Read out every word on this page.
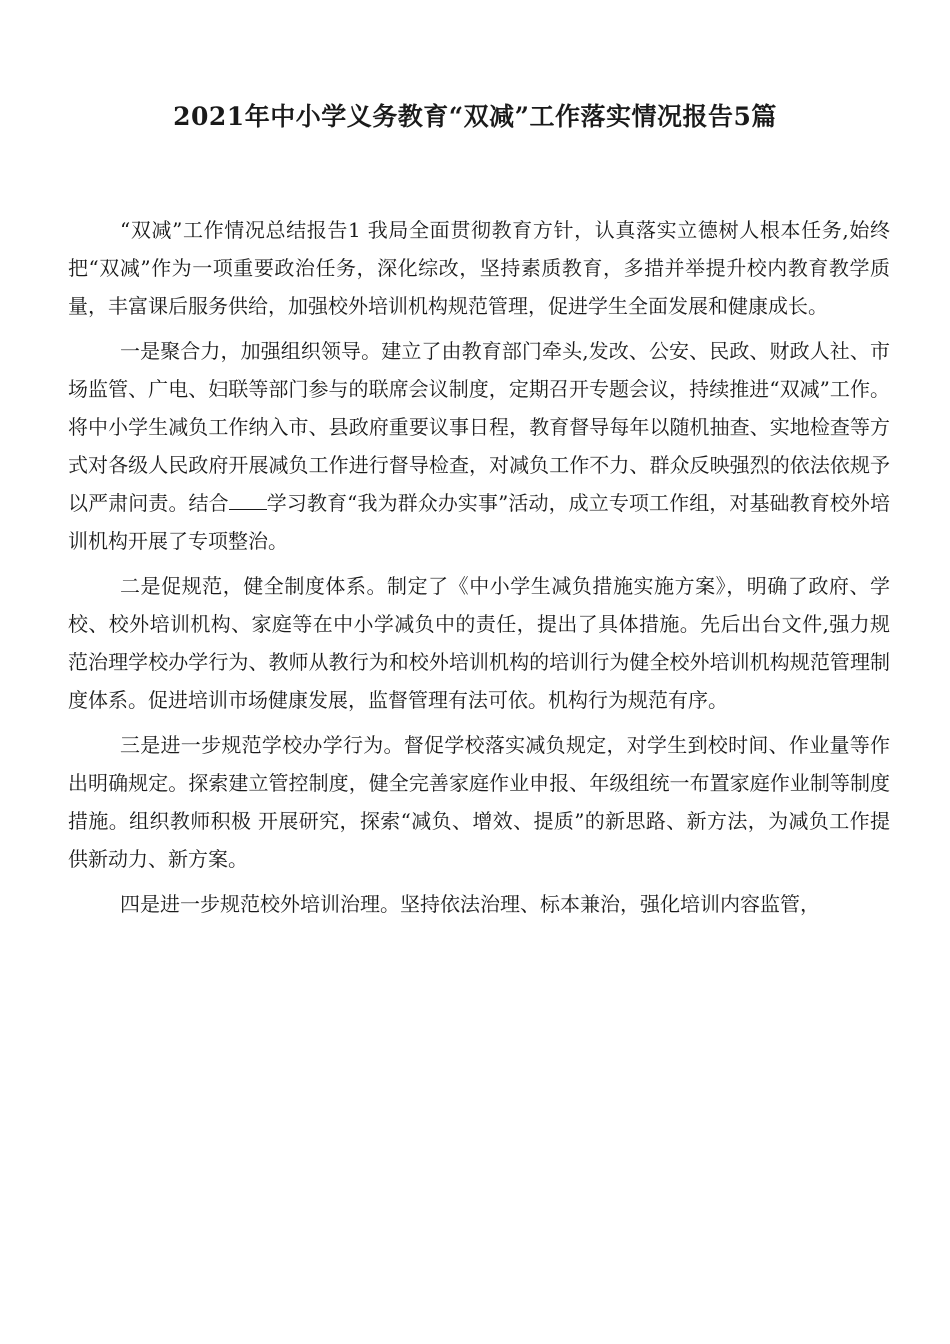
2021年中小学义务教育“双减”工作落实情况报告5篇

“双减”工作情况总结报告1 我局全面贯彻教育方针，认真落实立德树人根本任务,始终把“双减”作为一项重要政治任务，深化综改，坚持素质教育，多措并举提升校内教育教学质量，丰富课后服务供给，加强校外培训机构规范管理，促进学生全面发展和健康成长。

一是聚合力，加强组织领导。建立了由教育部门牵头,发改、公安、民政、财政人社、市场监管、广电、妇联等部门参与的联席会议制度，定期召开专题会议，持续推进“双减”工作。将中小学生减负工作纳入市、县政府重要议事日程，教育督导每年以随机抽查、实地检查等方式对各级人民政府开展减负工作进行督导检查，对减负工作不力、群众反映强烈的依法依规予以严肃问责。结合 学习教育“我为群众办实事”活动，成立专项工作组，对基础教育校外培训机构开展了专项整治。

二是促规范，健全制度体系。制定了《中小学生减负措施实施方案》，明确了政府、学校、校外培训机构、家庭等在中小学减负中的责任，提出了具体措施。先后出台文件,强力规范治理学校办学行为、教师从教行为和校外培训机构的培训行为健全校外培训机构规范管理制度体系。促进培训市场健康发展，监督管理有法可依。机构行为规范有序。

三是进一步规范学校办学行为。督促学校落实减负规定，对学生到校时间、作业量等作出明确规定。探索建立管控制度，健全完善家庭作业申报、年级组统一布置家庭作业制等制度措施。组织教师积极 开展研究，探索“减负、增效、提质”的新思路、新方法，为减负工作提供新动力、新方案。

四是进一步规范校外培训治理。坚持依法治理、标本兼治，强化培训内容监管，
